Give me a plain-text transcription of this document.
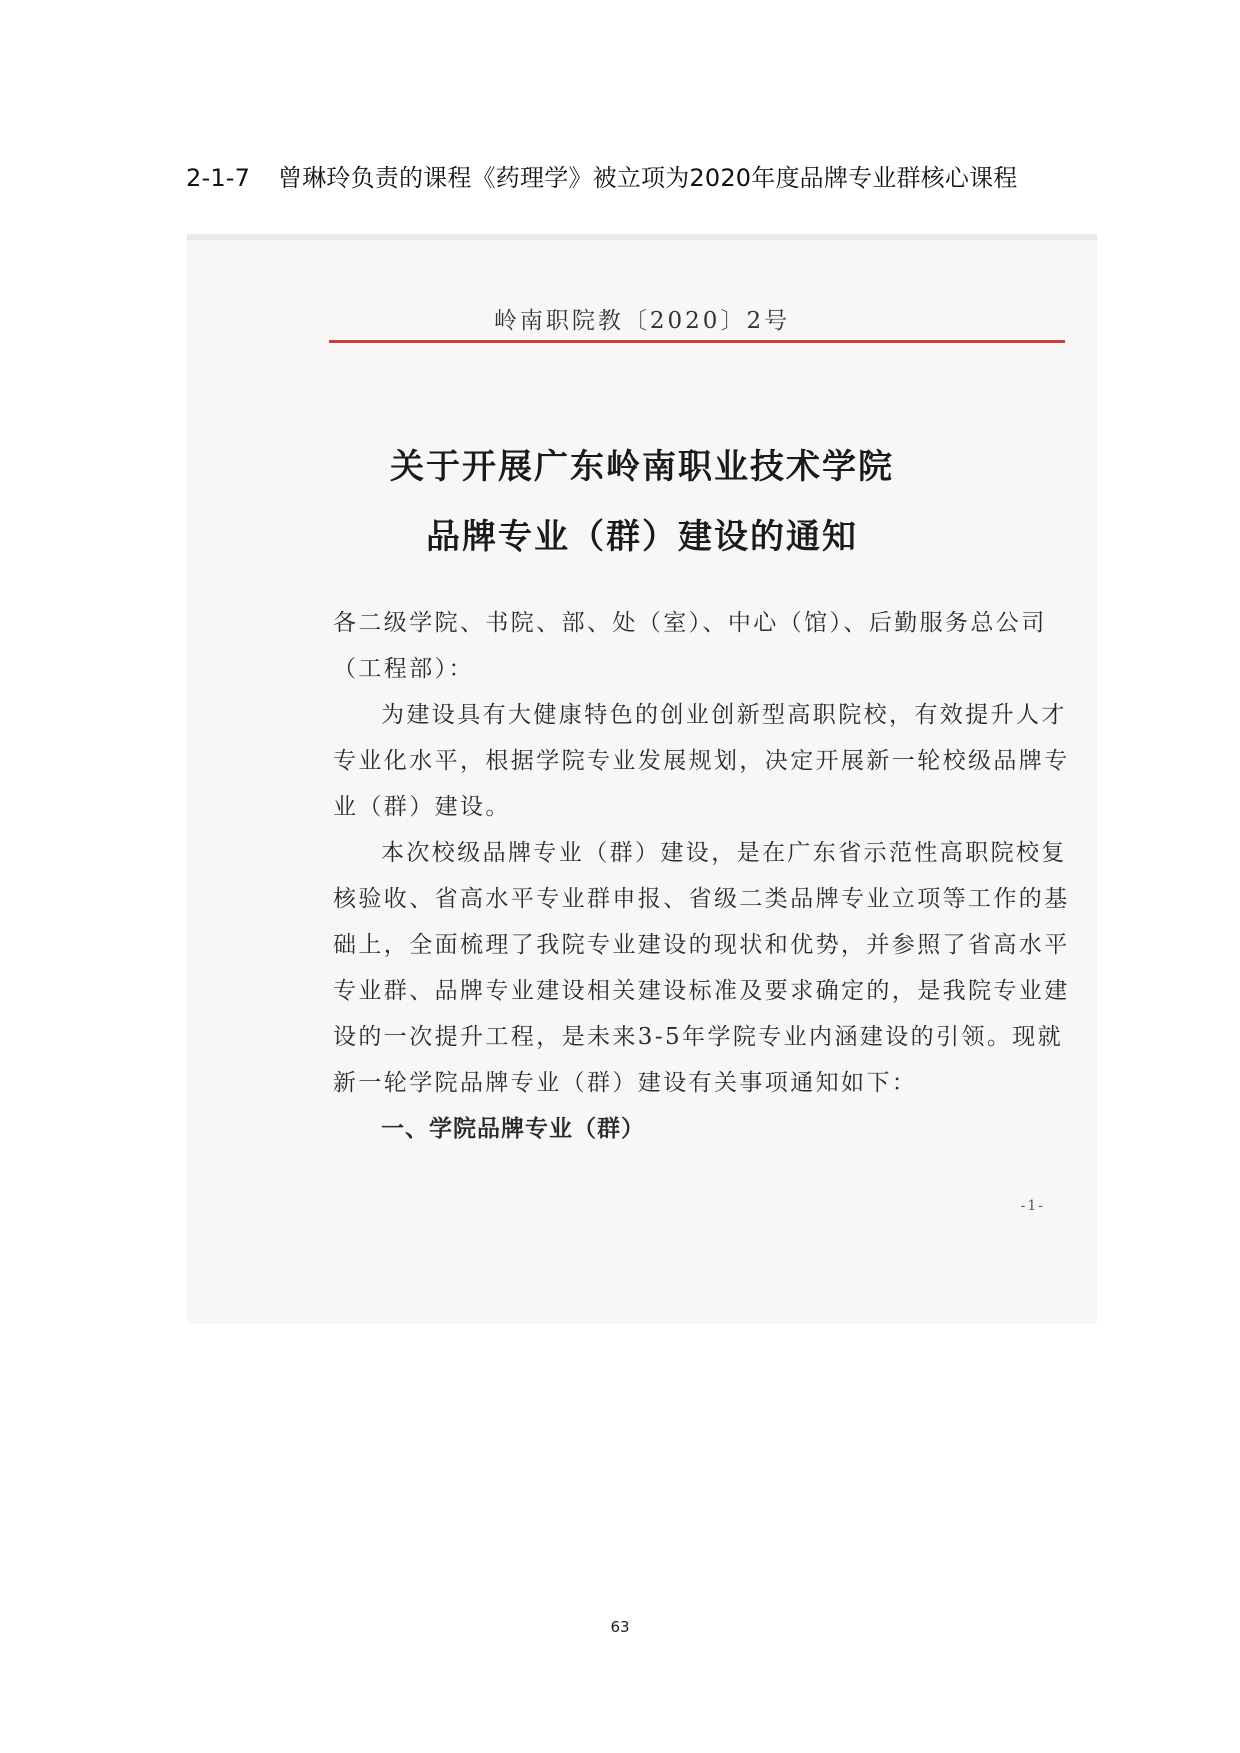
2-1-7 曾琳玲负责的课程《药理学》被立项为2020年度品牌专业群核心课程
岭南职院教〔2020〕2号
关于开展广东岭南职业技术学院
品牌专业（群）建设的通知

各二级学院、书院、部、处（室）、中心（馆）、后勤服务总公司

（工程部）：

为建设具有大健康特色的创业创新型高职院校，有效提升人才专业化水平，根据学院专业发展规划，决定开展新一轮校级品牌专业（群）建设。

本次校级品牌专业（群）建设，是在广东省示范性高职院校复核验收、省高水平专业群申报、省级二类品牌专业立项等工作的基础上，全面梳理了我院专业建设的现状和优势，并参照了省高水平专业群、品牌专业建设相关建设标准及要求确定的，是我院专业建设的一次提升工程，是未来3-5年学院专业内涵建设的引领。现就新一轮学院品牌专业（群）建设有关事项通知如下：

一、学院品牌专业（群）

-1-
63
